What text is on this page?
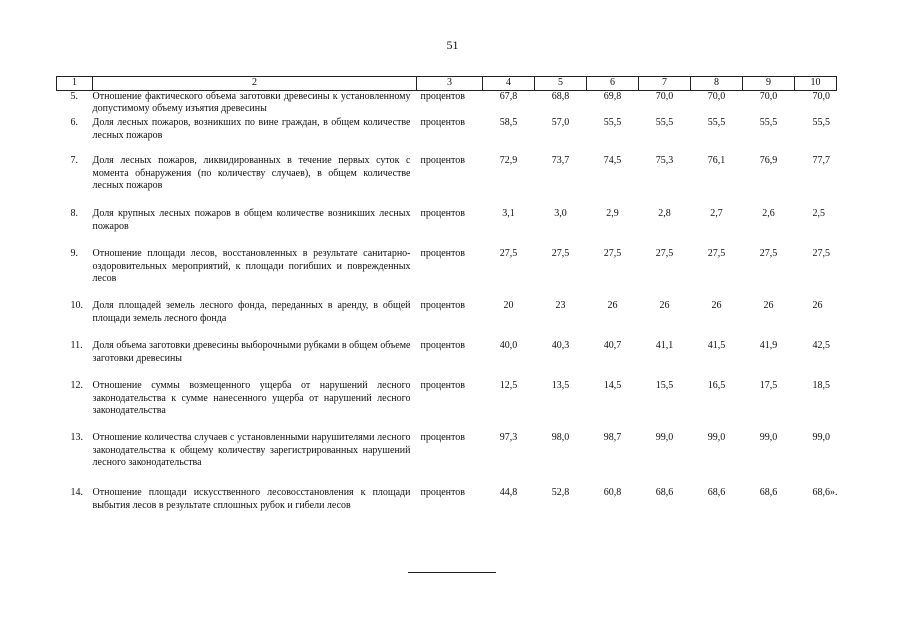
51
1	2	3	4	5	6	7	8	9	10
5.	Отношение фактического объема заготовки древесины к установленному допустимому объему изъятия древесины	процентов	67,8	68,8	69,8	70,0	70,0	70,0	70,0
6.	Доля лесных пожаров, возникших по вине граждан, в общем количестве лесных пожаров	процентов	58,5	57,0	55,5	55,5	55,5	55,5	55,5
7.	Доля лесных пожаров, ликвидированных в течение первых суток с момента обнаружения (по количеству случаев), в общем количестве лесных пожаров	процентов	72,9	73,7	74,5	75,3	76,1	76,9	77,7
8.	Доля крупных лесных пожаров в общем количестве возникших лесных пожаров	процентов	3,1	3,0	2,9	2,8	2,7	2,6	2,5
9.	Отношение площади лесов, восстановленных в результате санитарно-оздоровительных мероприятий, к площади погибших и поврежденных лесов	процентов	27,5	27,5	27,5	27,5	27,5	27,5	27,5
10.	Доля площадей земель лесного фонда, переданных в аренду, в общей площади земель лесного фонда	процентов	20	23	26	26	26	26	26
11.	Доля объема заготовки древесины выборочными рубками в общем объеме заготовки древесины	процентов	40,0	40,3	40,7	41,1	41,5	41,9	42,5
12.	Отношение суммы возмещенного ущерба от нарушений лесного законодательства к сумме нанесенного ущерба от нарушений лесного законодательства	процентов	12,5	13,5	14,5	15,5	16,5	17,5	18,5
13.	Отношение количества случаев с установленными нарушителями лесного законодательства к общему количеству зарегистрированных нарушений лесного законодательства	процентов	97,3	98,0	98,7	99,0	99,0	99,0	99,0
14.	Отношение площади искусственного лесовосстановления к площади выбытия лесов в результате сплошных рубок и гибели лесов	процентов	44,8	52,8	60,8	68,6	68,6	68,6	68,6».
